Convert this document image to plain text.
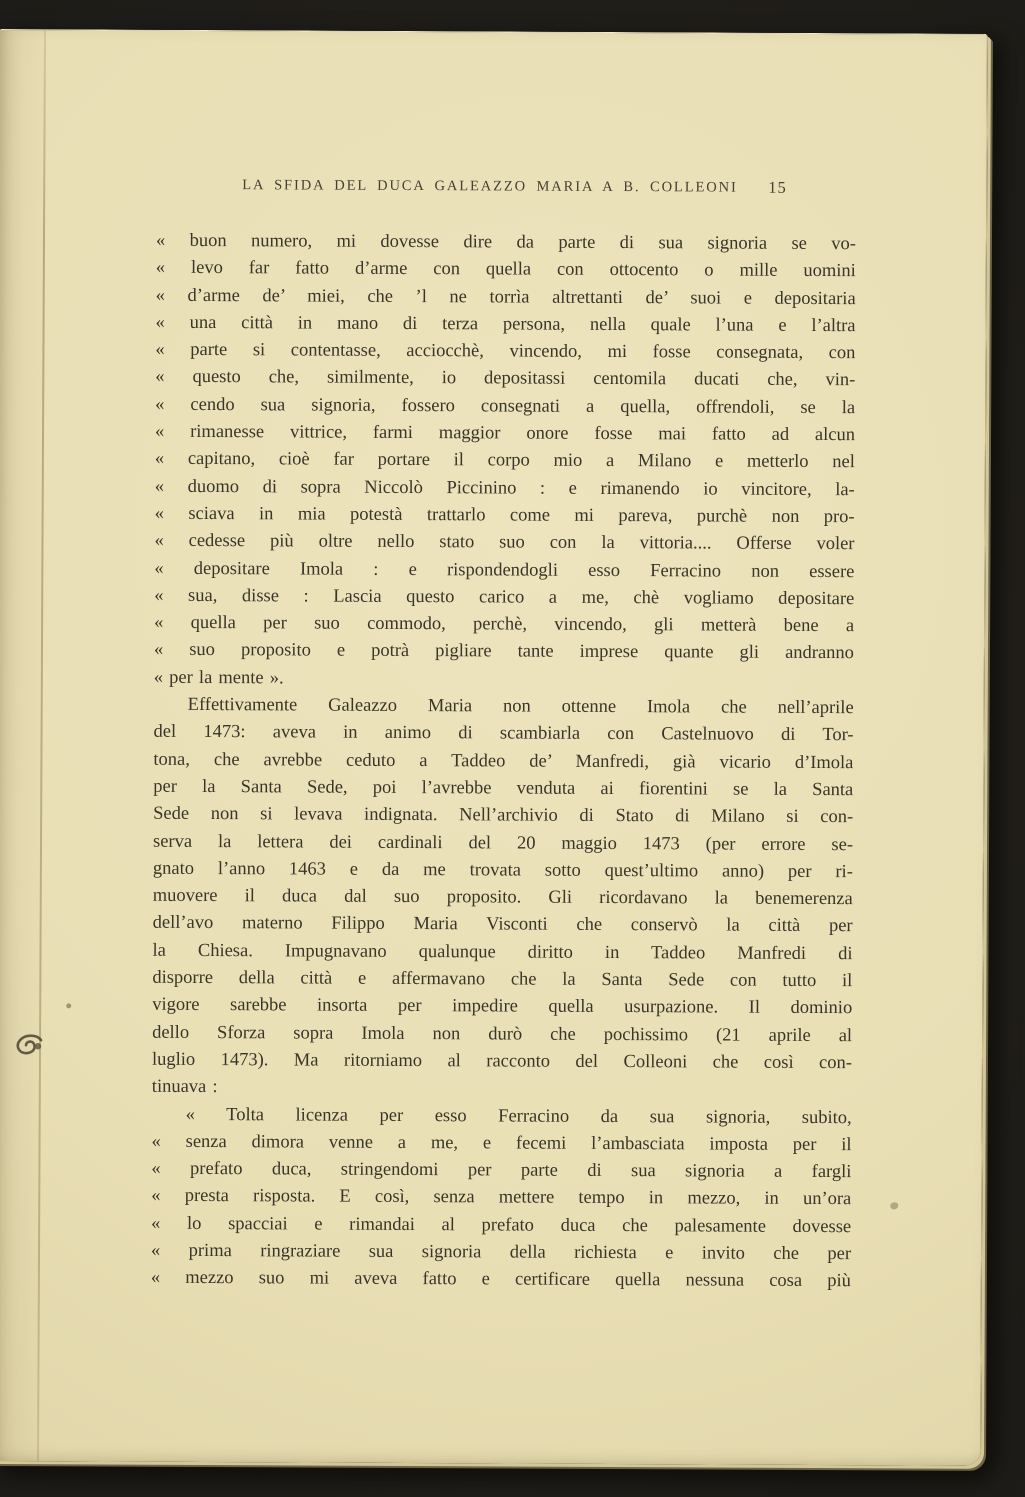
LA SFIDA DEL DUCA GALEAZZO MARIA A B. COLLEONI 15
« buon numero, mi dovesse dire da parte di sua signoria se vo-
« levo far fatto d’arme con quella con ottocento o mille uomini
« d’arme de’ miei, che ’l ne torrìa altrettanti de’ suoi e depositaria
« una città in mano di terza persona, nella quale l’una e l’altra
« parte si contentasse, acciocchè, vincendo, mi fosse consegnata, con
« questo che, similmente, io depositassi centomila ducati che, vin-
« cendo sua signoria, fossero consegnati a quella, offrendoli, se la
« rimanesse vittrice, farmi maggior onore fosse mai fatto ad alcun
« capitano, cioè far portare il corpo mio a Milano e metterlo nel
« duomo di sopra Niccolò Piccinino : e rimanendo io vincitore, la-
« sciava in mia potestà trattarlo come mi pareva, purchè non pro-
« cedesse più oltre nello stato suo con la vittoria.... Offerse voler
« depositare Imola : e rispondendogli esso Ferracino non essere
« sua, disse : Lascia questo carico a me, chè vogliamo depositare
« quella per suo commodo, perchè, vincendo, gli metterà bene a
« suo proposito e potrà pigliare tante imprese quante gli andranno
« per la mente ».
Effettivamente Galeazzo Maria non ottenne Imola che nell’aprile
del 1473: aveva in animo di scambiarla con Castelnuovo di Tor-
tona, che avrebbe ceduto a Taddeo de’ Manfredi, già vicario d’Imola
per la Santa Sede, poi l’avrebbe venduta ai fiorentini se la Santa
Sede non si levava indignata. Nell’archivio di Stato di Milano si con-
serva la lettera dei cardinali del 20 maggio 1473 (per errore se-
gnato l’anno 1463 e da me trovata sotto quest’ultimo anno) per ri-
muovere il duca dal suo proposito. Gli ricordavano la benemerenza
dell’avo materno Filippo Maria Visconti che conservò la città per
la Chiesa. Impugnavano qualunque diritto in Taddeo Manfredi di
disporre della città e affermavano che la Santa Sede con tutto il
vigore sarebbe insorta per impedire quella usurpazione. Il dominio
dello Sforza sopra Imola non durò che pochissimo (21 aprile al
luglio 1473). Ma ritorniamo al racconto del Colleoni che così con-
tinuava :
« Tolta licenza per esso Ferracino da sua signoria, subito,
« senza dimora venne a me, e fecemi l’ambasciata imposta per il
« prefato duca, stringendomi per parte di sua signoria a fargli
« presta risposta. E così, senza mettere tempo in mezzo, in un’ora
« lo spacciai e rimandai al prefato duca che palesamente dovesse
« prima ringraziare sua signoria della richiesta e invito che per
« mezzo suo mi aveva fatto e certificare quella nessuna cosa più
